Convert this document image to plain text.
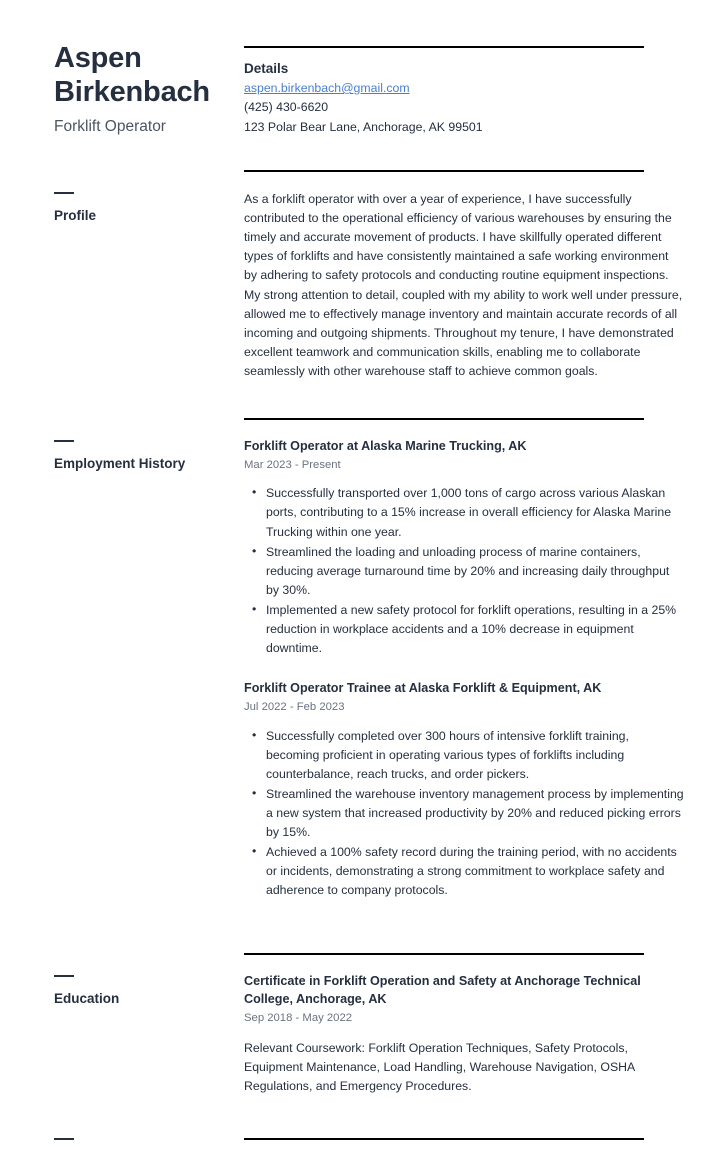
Aspen
Birkenbach
Forklift Operator
Details
aspen.birkenbach@gmail.com
(425) 430-6620
123 Polar Bear Lane, Anchorage, AK 99501
Profile
As a forklift operator with over a year of experience, I have successfully contributed to the operational efficiency of various warehouses by ensuring the timely and accurate movement of products. I have skillfully operated different types of forklifts and have consistently maintained a safe working environment by adhering to safety protocols and conducting routine equipment inspections. My strong attention to detail, coupled with my ability to work well under pressure, allowed me to effectively manage inventory and maintain accurate records of all incoming and outgoing shipments. Throughout my tenure, I have demonstrated excellent teamwork and communication skills, enabling me to collaborate seamlessly with other warehouse staff to achieve common goals.
Employment History
Forklift Operator at Alaska Marine Trucking, AK
Mar 2023 - Present
• Successfully transported over 1,000 tons of cargo across various Alaskan ports, contributing to a 15% increase in overall efficiency for Alaska Marine Trucking within one year.
• Streamlined the loading and unloading process of marine containers, reducing average turnaround time by 20% and increasing daily throughput by 30%.
• Implemented a new safety protocol for forklift operations, resulting in a 25% reduction in workplace accidents and a 10% decrease in equipment downtime.
Forklift Operator Trainee at Alaska Forklift & Equipment, AK
Jul 2022 - Feb 2023
• Successfully completed over 300 hours of intensive forklift training, becoming proficient in operating various types of forklifts including counterbalance, reach trucks, and order pickers.
• Streamlined the warehouse inventory management process by implementing a new system that increased productivity by 20% and reduced picking errors by 15%.
• Achieved a 100% safety record during the training period, with no accidents or incidents, demonstrating a strong commitment to workplace safety and adherence to company protocols.
Education
Certificate in Forklift Operation and Safety at Anchorage Technical College, Anchorage, AK
Sep 2018 - May 2022
Relevant Coursework: Forklift Operation Techniques, Safety Protocols, Equipment Maintenance, Load Handling, Warehouse Navigation, OSHA Regulations, and Emergency Procedures.
